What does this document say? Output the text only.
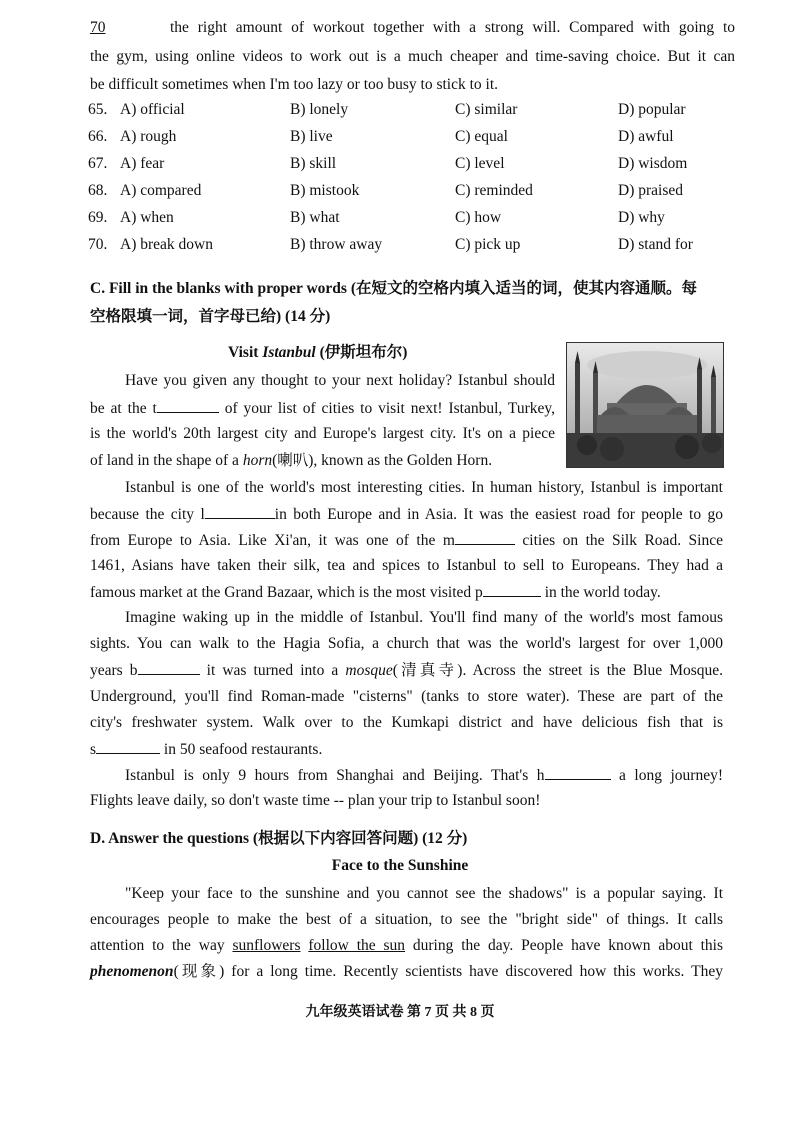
70	the right amount of workout together with a strong will. Compared with going to
the gym, using online videos to work out is a much cheaper and time-saving choice. But it can
be difficult sometimes when I'm too lazy or too busy to stick to it.
65. A) official	B) lonely	C) similar	D) popular
66. A) rough	B) live	C) equal	D) awful
67. A) fear	B) skill	C) level	D) wisdom
68. A) compared	B) mistook	C) reminded	D) praised
69. A) when	B) what	C) how	D) why
70. A) break down	B) throw away	C) pick up	D) stand for
C. Fill in the blanks with proper words (在短文的空格内填入适当的词，使其内容通顺。每
空格限填一词，首字母已给) (14 分)
Visit Istanbul (伊斯坦布尔)
Have you given any thought to your next holiday? Istanbul should
be at the t	of your list of cities to visit next! Istanbul, Turkey,
is the world's 20th largest city and Europe's largest city. It's on a piece
of land in the shape of a horn(喇叭), known as the Golden Horn.
Istanbul is one of the world's most interesting cities. In human history, Istanbul is important
because the city l	in both Europe and in Asia. It was the easiest road for people to go
from Europe to Asia. Like Xi'an, it was one of the m	cities on the Silk Road. Since
1461, Asians have taken their silk, tea and spices to Istanbul to sell to Europeans. They had a
famous market at the Grand Bazaar, which is the most visited p	in the world today.
Imagine waking up in the middle of Istanbul. You'll find many of the world's most famous
sights. You can walk to the Hagia Sofia, a church that was the world's largest for over 1,000
years b	it was turned into a mosque(清真寺). Across the street is the Blue Mosque.
Underground, you'll find Roman-made "cisterns" (tanks to store water). These are part of the
city's freshwater system. Walk over to the Kumkapi district and have delicious fish that is
s	in 50 seafood restaurants.
Istanbul is only 9 hours from Shanghai and Beijing. That's h	a long journey!
Flights leave daily, so don't waste time -- plan your trip to Istanbul soon!
D. Answer the questions (根据以下内容回答问题) (12 分)
Face to the Sunshine
"Keep your face to the sunshine and you cannot see the shadows" is a popular saying. It
encourages people to make the best of a situation, to see the "bright side" of things. It calls
attention to the way sunflowers follow the sun during the day. People have known about this
phenomenon(现象) for a long time. Recently scientists have discovered how this works. They
九年级英语试卷 第 7 页 共 8 页
